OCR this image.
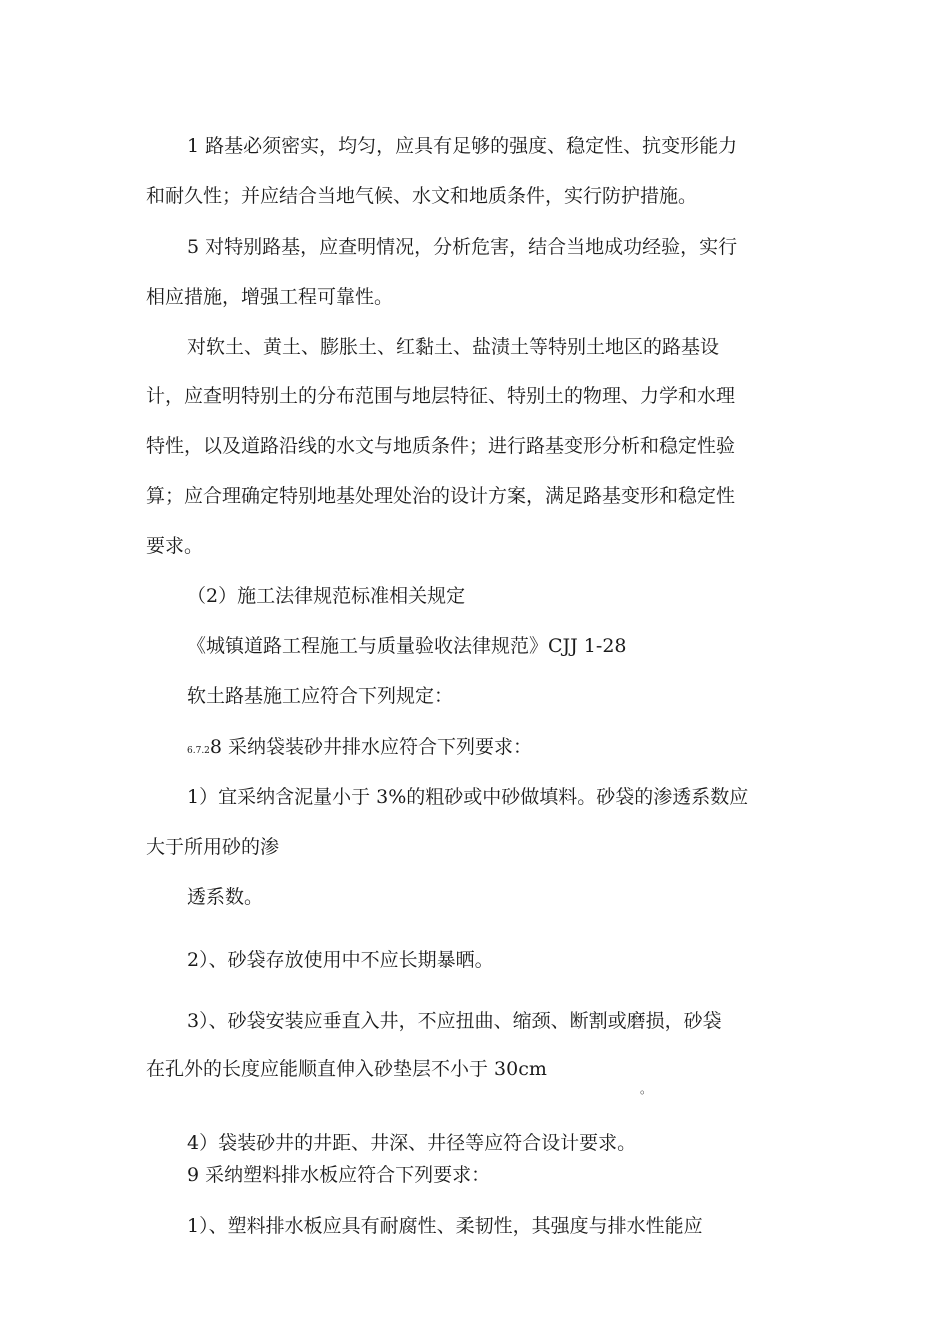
1 路基必须密实，均匀，应具有足够的强度、稳定性、抗变形能力
和耐久性；并应结合当地气候、水文和地质条件，实行防护措施。
5 对特别路基，应查明情况，分析危害，结合当地成功经验，实行
相应措施，增强工程可靠性。
对软土、黄土、膨胀土、红黏土、盐渍土等特别土地区的路基设
计，应查明特别土的分布范围与地层特征、特别土的物理、力学和水理
特性，以及道路沿线的水文与地质条件；进行路基变形分析和稳定性验
算；应合理确定特别地基处理处治的设计方案，满足路基变形和稳定性
要求。
（2）施工法律规范标准相关规定
《城镇道路工程施工与质量验收法律规范》CJJ 1-28
软土路基施工应符合下列规定：
6.7.28 采纳袋装砂井排水应符合下列要求：
1）宜采纳含泥量小于 3%的粗砂或中砂做填料。砂袋的渗透系数应
大于所用砂的渗
透系数。
2）、砂袋存放使用中不应长期暴晒。
3）、砂袋安装应垂直入井，不应扭曲、缩颈、断割或磨损，砂袋
在孔外的长度应能顺直伸入砂垫层不小于 30cm
。
4）袋装砂井的井距、井深、井径等应符合设计要求。
9 采纳塑料排水板应符合下列要求：
1）、塑料排水板应具有耐腐性、柔韧性，其强度与排水性能应
